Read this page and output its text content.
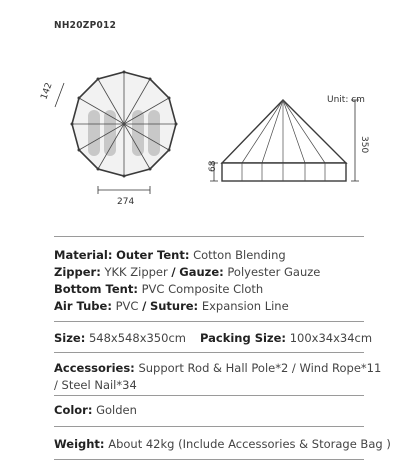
NH20ZP012
142
274
Unit: cm
350
68
Material: Outer Tent: Cotton Blending
Zipper: YKK Zipper / Gauze: Polyester Gauze
Bottom Tent: PVC Composite Cloth
Air Tube: PVC / Suture: Expansion Line
Size: 548x548x350cm Packing Size: 100x34x34cm
Accessories: Support Rod & Hall Pole*2 / Wind Rope*11
/ Steel Nail*34
Color: Golden
Weight: About 42kg (Include Accessories & Storage Bag )
